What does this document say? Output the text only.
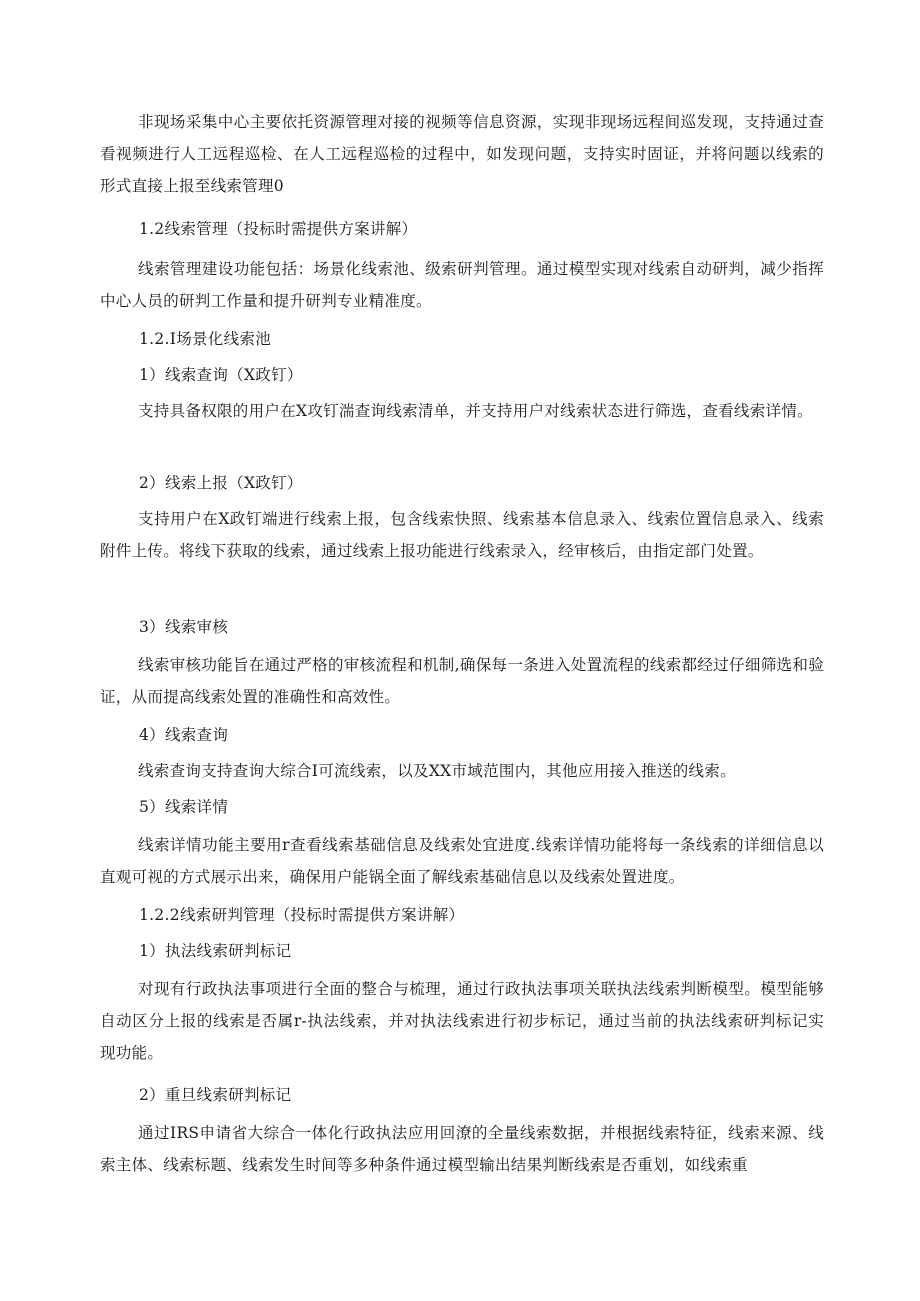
非现场采集中心主要依托资源管理对接的视频等信息资源，实现非现场远程间巡发现，支持通过查看视频进行人工远程巡检、在人工远程巡检的过程中，如发现问题，支持实时固证，并将问题以线索的形式直接上报至线索管理0

1.2线索管理（投标时需提供方案讲解）

线索管理建设功能包括：场景化线索池、级索研判管理。通过模型实现对线索自动研判，减少指挥中心人员的研判工作量和提升研判专业精准度。

1.2.I场景化线索池

1）线索查询（X政钉）

支持具备权限的用户在X攻钉湍查询线索清单，并支持用户对线索状态进行筛选，查看线索详情。

2）线索上报（X政钉）

支持用户在X政钉端进行线索上报，包含线索快照、线索基本信息录入、线索位置信息录入、线索附件上传。将线下获取的线索，通过线索上报功能进行线索录入，经审核后，由指定部门处置。

3）线索审核

线索审核功能旨在通过严格的审核流程和机制,确保每一条进入处置流程的线索都经过仔细筛选和验证，从而提高线索处置的准确性和高效性。

4）线索查询

线索查询支持查询大综合I可流线索，以及XX市域范围内，其他应用接入推送的线索。

5）线索详情

线索详情功能主要用r查看线索基础信息及线索处宜进度.线索详情功能将每一条线索的详细信息以直观可视的方式展示出来，确保用户能锅全面了解线索基础信息以及线索处置进度。

1.2.2线索研判管理（投标时需提供方案讲解）

1）执法线索研判标记

对现有行政执法事项进行全面的整合与梳理，通过行政执法事项关联执法线索判断模型。模型能够自动区分上报的线索是否属r-执法线索，并对执法线索进行初步标记，通过当前的执法线索研判标记实现功能。

2）重旦线索研判标记

通过IRS申请省大综合一体化行政执法应用回潦的全量线索数据，并根据线索特征，线索来源、线索主体、线索标题、线索发生时间等多种条件通过模型输出结果判断线索是否重划，如线索重
